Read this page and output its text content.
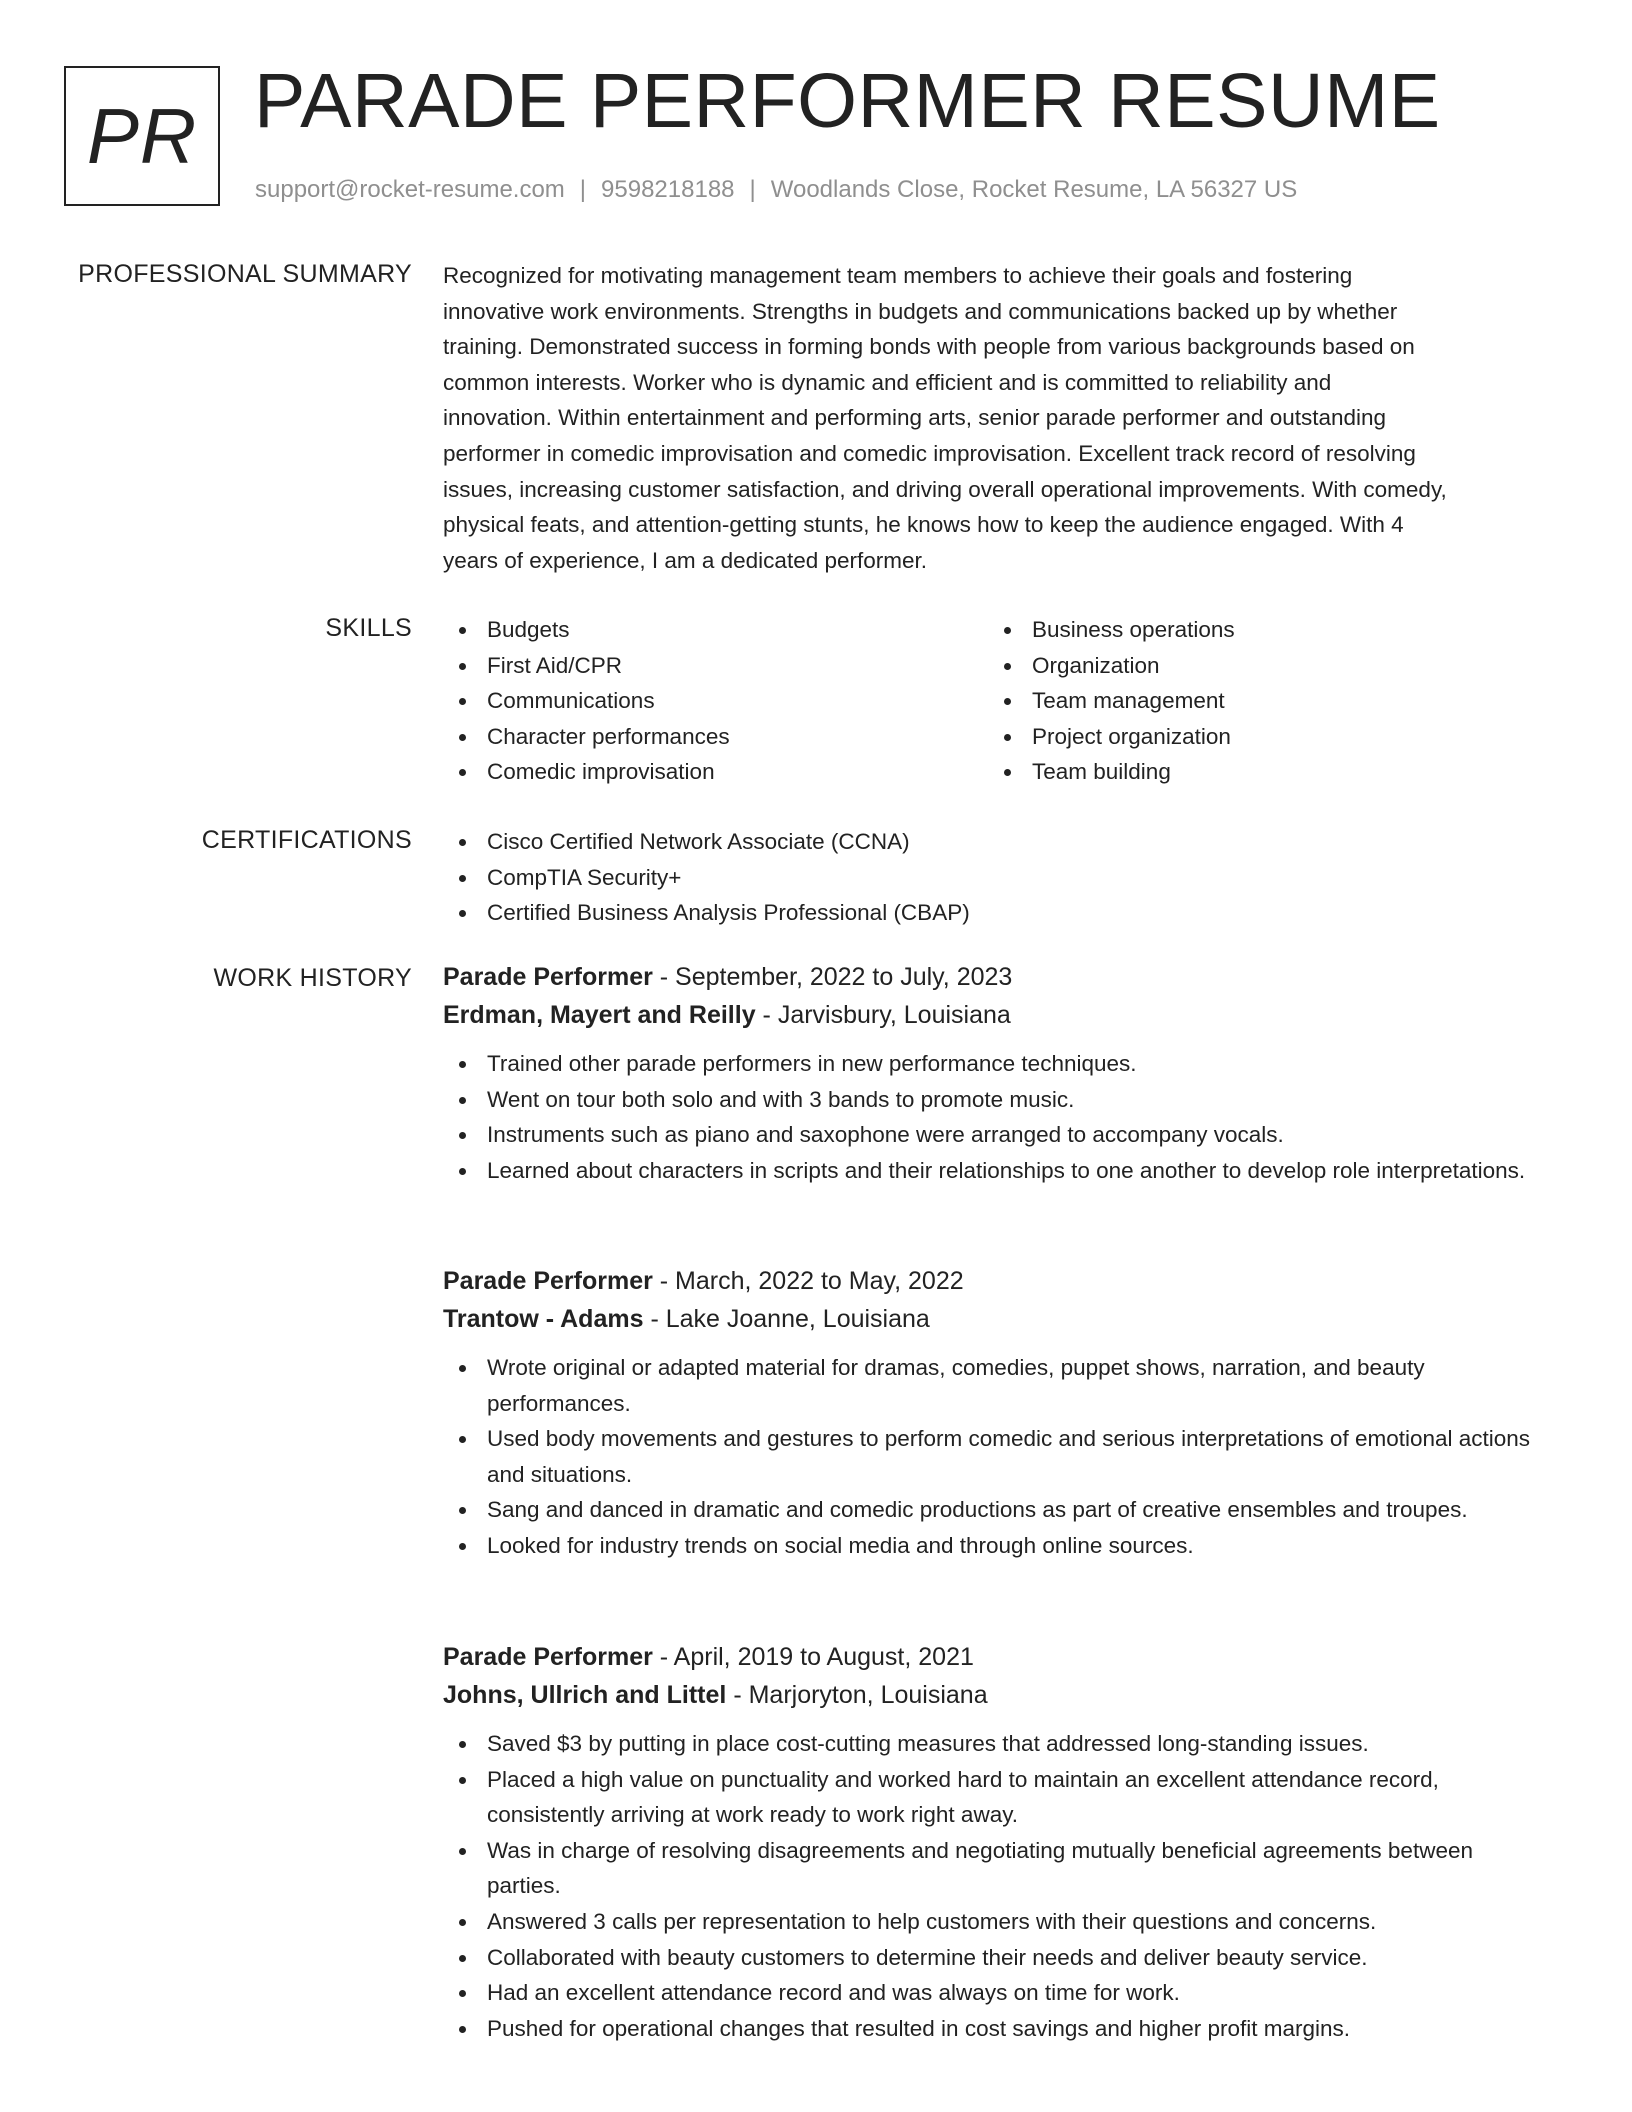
PR PARADE PERFORMER RESUME
support@rocket-resume.com | 9598218188 | Woodlands Close, Rocket Resume, LA 56327 US
PROFESSIONAL SUMMARY Recognized for motivating management team members to achieve their goals and fostering
innovative work environments. Strengths in budgets and communications backed up by whether
training. Demonstrated success in forming bonds with people from various backgrounds based on
common interests. Worker who is dynamic and efficient and is committed to reliability and
innovation. Within entertainment and performing arts, senior parade performer and outstanding
performer in comedic improvisation and comedic improvisation. Excellent track record of resolving
issues, increasing customer satisfaction, and driving overall operational improvements. With comedy,
physical feats, and attention-getting stunts, he knows how to keep the audience engaged. With 4
years of experience, I am a dedicated performer.

SKILLS	Budgets
First Aid/CPR
Communications
Character performances
Comedic improvisation
Business operations
Organization
Team management
Project organization
Team building
CERTIFICATIONS	Cisco Certified Network Associate (CCNA)
CompTIA Security+
Certified Business Analysis Professional (CBAP)
WORK HISTORY Parade Performer - September, 2022 to July, 2023
Erdman, Mayert and Reilly - Jarvisbury, Louisiana
Trained other parade performers in new performance techniques.
Went on tour both solo and with 3 bands to promote music.
Instruments such as piano and saxophone were arranged to accompany vocals.
Learned about characters in scripts and their relationships to one another to develop role interpretations.
Parade Performer - March, 2022 to May, 2022
Trantow - Adams - Lake Joanne, Louisiana
Wrote original or adapted material for dramas, comedies, puppet shows, narration, and beauty performances.
Used body movements and gestures to perform comedic and serious interpretations of emotional actions and situations.
Sang and danced in dramatic and comedic productions as part of creative ensembles and troupes.
Looked for industry trends on social media and through online sources.
Parade Performer - April, 2019 to August, 2021
Johns, Ullrich and Littel - Marjoryton, Louisiana
Saved $3 by putting in place cost-cutting measures that addressed long-standing issues.
Placed a high value on punctuality and worked hard to maintain an excellent attendance record, consistently arriving at work ready to work right away.
Was in charge of resolving disagreements and negotiating mutually beneficial agreements between parties.
Answered 3 calls per representation to help customers with their questions and concerns.
Collaborated with beauty customers to determine their needs and deliver beauty service.
Had an excellent attendance record and was always on time for work.
Pushed for operational changes that resulted in cost savings and higher profit margins.
